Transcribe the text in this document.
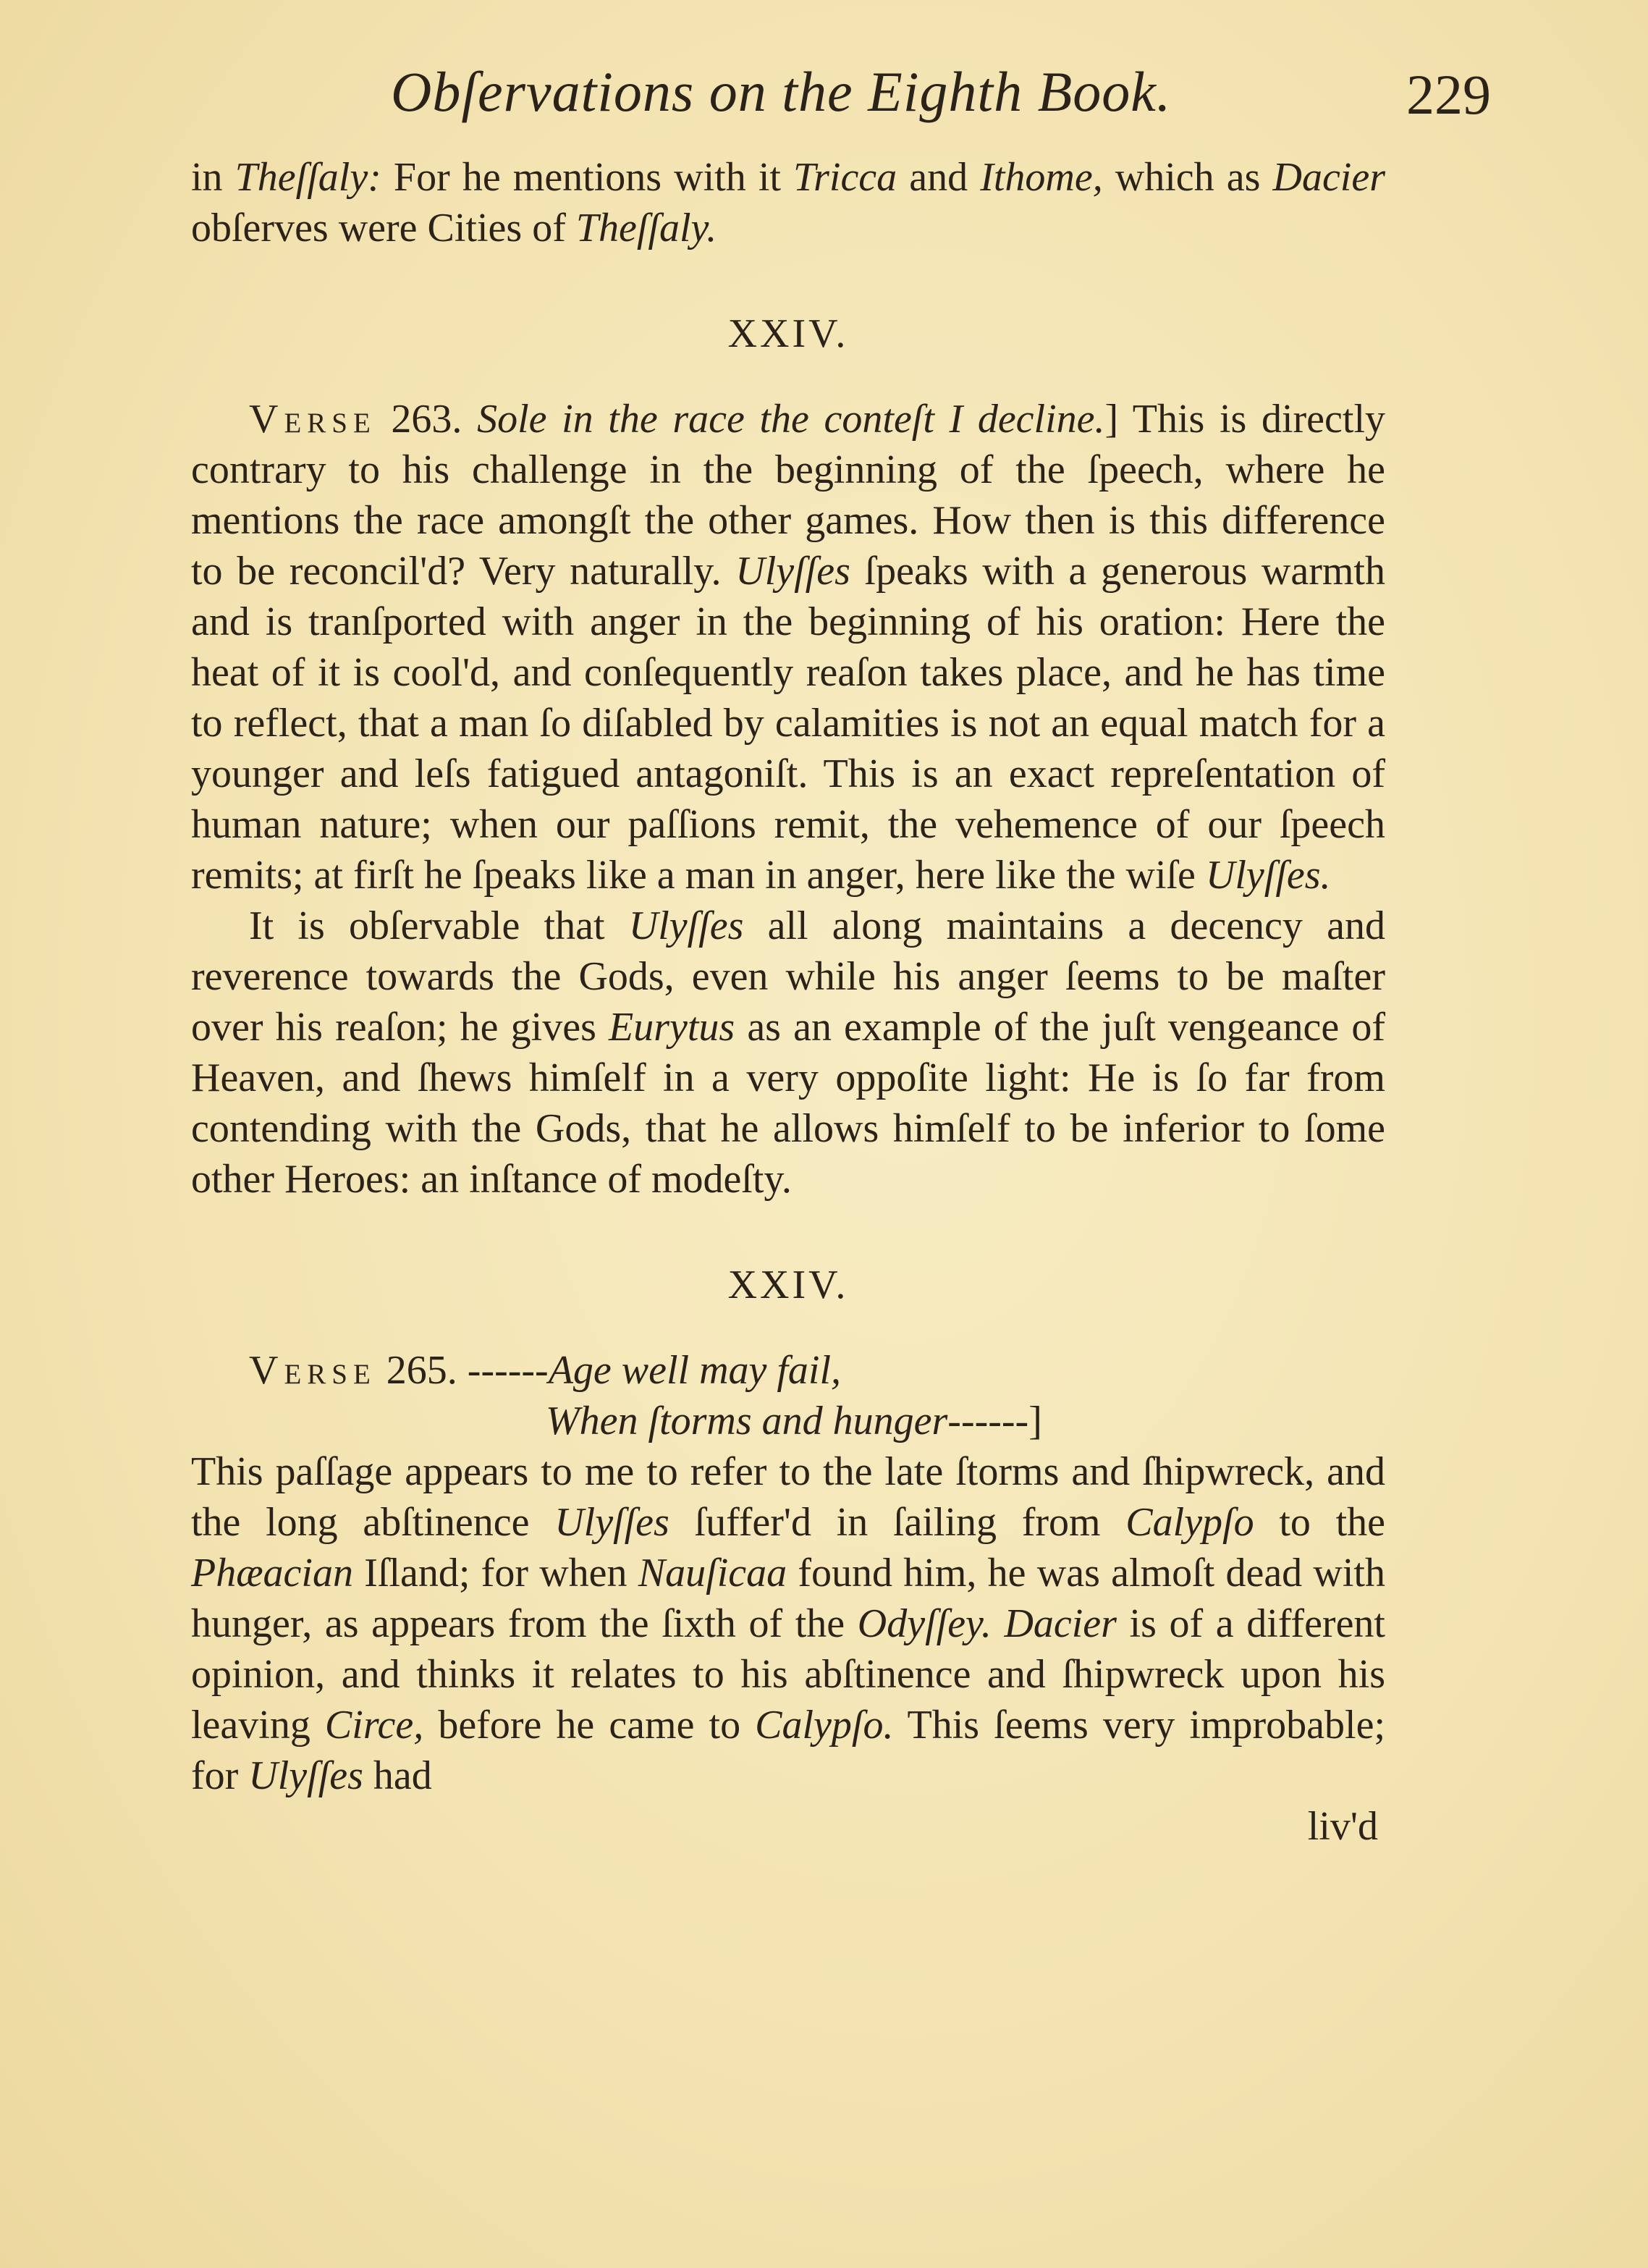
Obſervations on the Eighth Book.	229

in Theſſaly: For he mentions with it Tricca and Ithome, which as Dacier obſerves were Cities of Theſſaly.

XXIV.

Verse 263. Sole in the race the conteſt I decline.] This is directly contrary to his challenge in the beginning of the ſpeech, where he mentions the race amongſt the other games. How then is this difference to be reconcil'd? Very naturally. Ulyſſes ſpeaks with a generous warmth and is tranſported with anger in the beginning of his oration: Here the heat of it is cool'd, and conſequently reaſon takes place, and he has time to reflect, that a man ſo diſabled by calamities is not an equal match for a younger and leſs fatigued antagoniſt. This is an exact repreſentation of human nature; when our paſſions remit, the vehemence of our ſpeech remits; at firſt he ſpeaks like a man in anger, here like the wiſe Ulyſſes.

It is obſervable that Ulyſſes all along maintains a decency and reverence towards the Gods, even while his anger ſeems to be maſter over his reaſon; he gives Eurytus as an example of the juſt vengeance of Heaven, and ſhews himſelf in a very oppoſite light: He is ſo far from contending with the Gods, that he allows himſelf to be inferior to ſome other Heroes: an inſtance of modeſty.

XXIV.

Verse 265. ------Age well may fail,
When ſtorms and hunger------]

This paſſage appears to me to refer to the late ſtorms and ſhipwreck, and the long abſtinence Ulyſſes ſuffer'd in ſailing from Calypſo to the Phæacian Iſland; for when Nauſicaa found him, he was almoſt dead with hunger, as appears from the ſixth of the Odyſſey. Dacier is of a different opinion, and thinks it relates to his abſtinence and ſhipwreck upon his leaving Circe, before he came to Calypſo. This ſeems very improbable; for Ulyſſes had

liv'd
